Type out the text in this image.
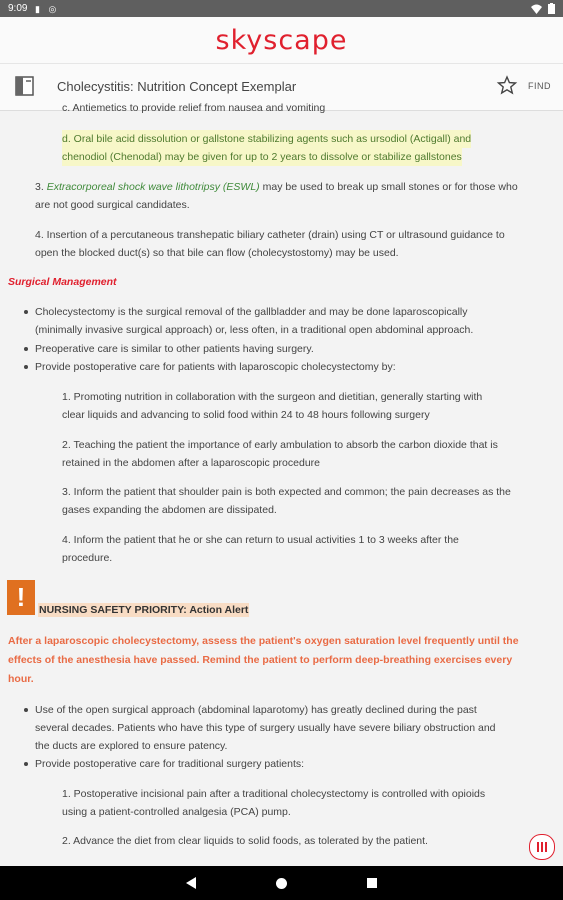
9:09 ▮ ◎
skyscape
Cholecystitis: Nutrition Concept Exemplar	FIND

c. Antiemetics to provide relief from nausea and vomiting

d. Oral bile acid dissolution or gallstone stabilizing agents such as ursodiol (Actigall) and

chenodiol (Chenodal) may be given for up to 2 years to dissolve or stabilize gallstones

3. Extracorporeal shock wave lithotripsy (ESWL) may be used to break up small stones or for those who

are not good surgical candidates.

4. Insertion of a percutaneous transhepatic biliary catheter (drain) using CT or ultrasound guidance to

open the blocked duct(s) so that bile can flow (cholecystostomy) may be used.

Surgical Management

Cholecystectomy is the surgical removal of the gallbladder and may be done laparoscopically

(minimally invasive surgical approach) or, less often, in a traditional open abdominal approach.

Preoperative care is similar to other patients having surgery.

Provide postoperative care for patients with laparoscopic cholecystectomy by:

1. Promoting nutrition in collaboration with the surgeon and dietitian, generally starting with

clear liquids and advancing to solid food within 24 to 48 hours following surgery

2. Teaching the patient the importance of early ambulation to absorb the carbon dioxide that is

retained in the abdomen after a laparoscopic procedure

3. Inform the patient that shoulder pain is both expected and common; the pain decreases as the

gases expanding the abdomen are dissipated.

4. Inform the patient that he or she can return to usual activities 1 to 3 weeks after the

procedure.

!	NURSING SAFETY PRIORITY: Action Alert
After a laparoscopic cholecystectomy, assess the patient's oxygen saturation level frequently until the
effects of the anesthesia have passed. Remind the patient to perform deep-breathing exercises every
hour.

Use of the open surgical approach (abdominal laparotomy) has greatly declined during the past

several decades. Patients who have this type of surgery usually have severe biliary obstruction and

the ducts are explored to ensure patency.

Provide postoperative care for traditional surgery patients:

1. Postoperative incisional pain after a traditional cholecystectomy is controlled with opioids

using a patient-controlled analgesia (PCA) pump.

2. Advance the diet from clear liquids to solid foods, as tolerated by the patient.
